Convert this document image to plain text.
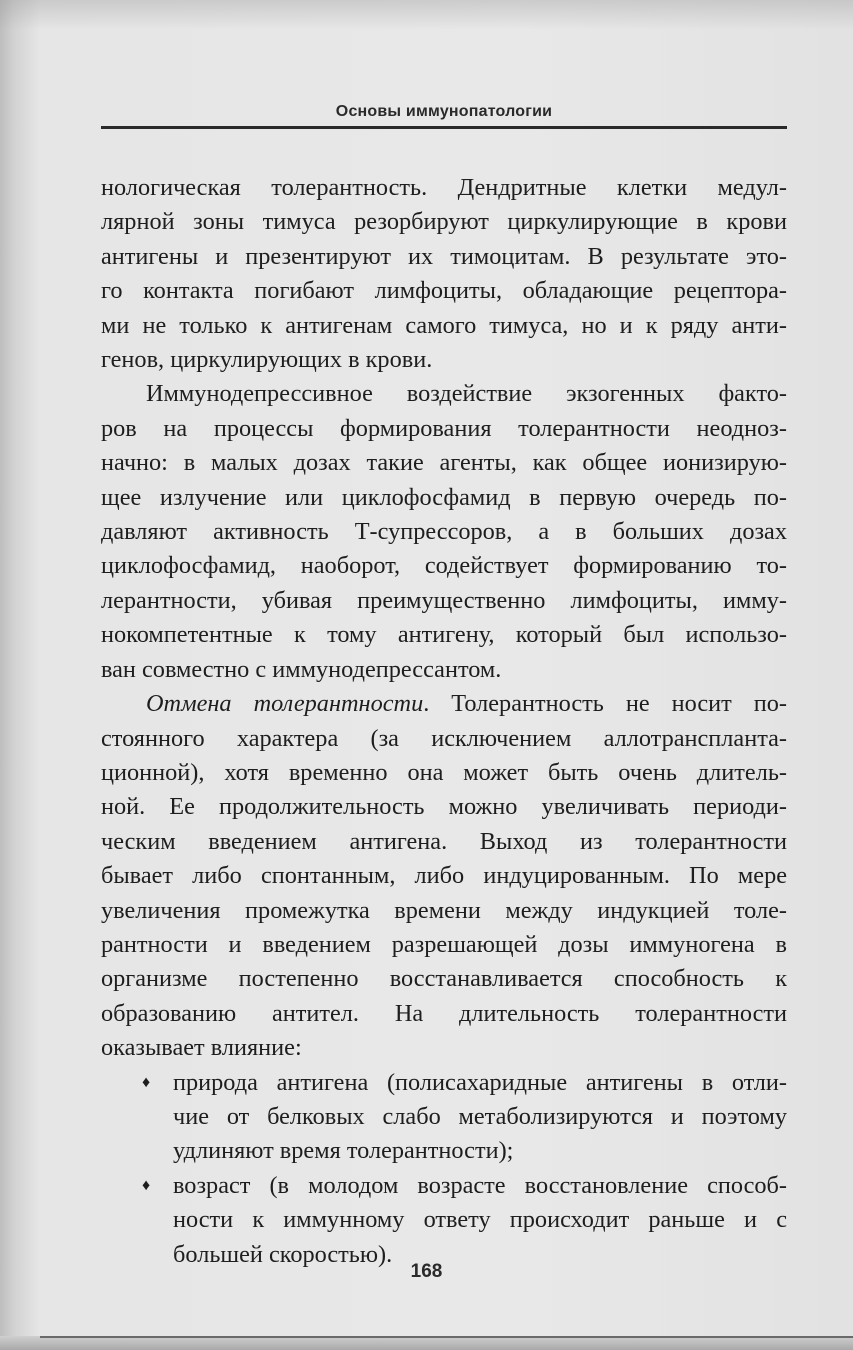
Основы иммунопатологии

нологическая толерантность. Дендритные клетки медул-
лярной зоны тимуса резорбируют циркулирующие в крови
антигены и презентируют их тимоцитам. В результате это-
го контакта погибают лимфоциты, обладающие рецептора-
ми не только к антигенам самого тимуса, но и к ряду анти-
генов, циркулирующих в крови.

Иммунодепрессивное воздействие экзогенных факто-
ров на процессы формирования толерантности неодноз-
начно: в малых дозах такие агенты, как общее ионизирую-
щее излучение или циклофосфамид в первую очередь по-
давляют активность Т-супрессоров, а в больших дозах
циклофосфамид, наоборот, содействует формированию то-
лерантности, убивая преимущественно лимфоциты, имму-
нокомпетентные к тому антигену, который был использо-
ван совместно с иммунодепрессантом.

Отмена толерантности. Толерантность не носит по-
стоянного характера (за исключением аллотранспланта-
ционной), хотя временно она может быть очень длитель-
ной. Ее продолжительность можно увеличивать периоди-
ческим введением антигена. Выход из толерантности
бывает либо спонтанным, либо индуцированным. По мере
увеличения промежутка времени между индукцией толе-
рантности и введением разрешающей дозы иммуногена в
организме постепенно восстанавливается способность к
образованию антител. На длительность толерантности
оказывает влияние:

♦ природа антигена (полисахаридные антигены в отли-
чие от белковых слабо метаболизируются и поэтому
удлиняют время толерантности);
♦ возраст (в молодом возрасте восстановление способ-
ности к иммунному ответу происходит раньше и с
большей скоростью).
168
